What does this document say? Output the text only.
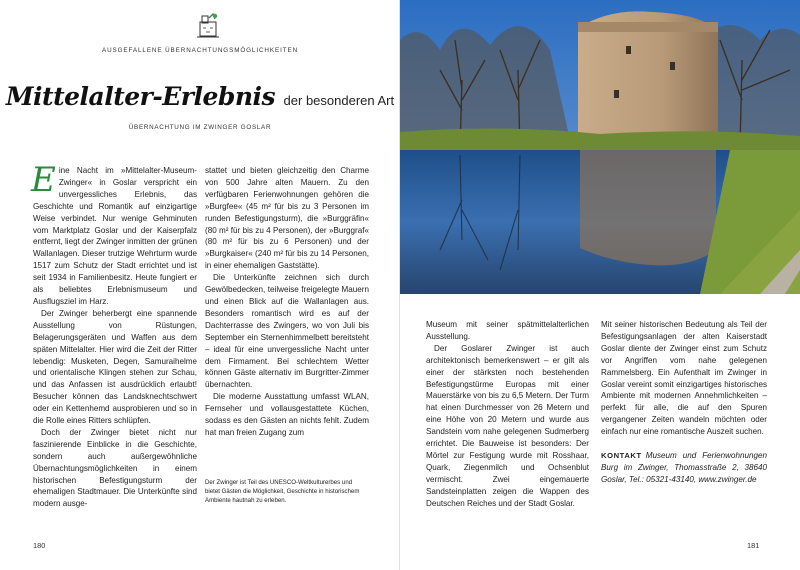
AUSGEFALLENE ÜBERNACHTUNGSMÖGLICHKEITEN
Mittelalter-Erlebnis der besonderen Art
ÜBERNACHTUNG IM ZWINGER GOSLAR

Eine Nacht im »Mittelalter-Museum-Zwinger« in Goslar verspricht ein unvergessliches Erlebnis, das Geschichte und Romantik auf einzigartige Weise verbindet. Nur wenige Gehminuten vom Marktplatz Goslar und der Kaiserpfalz entfernt, liegt der Zwinger inmitten der grünen Wallanlagen. Dieser trutzige Wehrturm wurde 1517 zum Schutz der Stadt errichtet und ist seit 1934 in Familienbesitz. Heute fungiert er als beliebtes Erlebnismuseum und Ausflugsziel im Harz.

Der Zwinger beherbergt eine spannende Ausstellung von Rüstungen, Belagerungsgeräten und Waffen aus dem späten Mittelalter. Hier wird die Zeit der Ritter lebendig: Musketen, Degen, Samuraihelme und orientalische Klingen stehen zur Schau, und das Anfassen ist ausdrücklich erlaubt! Besucher können das Landsknechtschwert oder ein Kettenhemd ausprobieren und so in die Rolle eines Ritters schlüpfen.

Doch der Zwinger bietet nicht nur faszinierende Einblicke in die Geschichte, sondern auch außergewöhnliche Übernachtungsmöglichkeiten in einem historischen Befestigungsturm der ehemaligen Stadtmauer. Die Unterkünfte sind modern ausge-

stattet und bieten gleichzeitig den Charme von 500 Jahre alten Mauern. Zu den verfügbaren Ferienwohnungen gehören die »Burgfee« (45 m² für bis zu 3 Personen im runden Befestigungsturm), die »Burggräfin« (80 m² für bis zu 4 Personen), der »Burggraf« (80 m² für bis zu 6 Personen) und der »Burgkaiser« (240 m² für bis zu 14 Personen, in einer ehemaligen Gaststätte).

Die Unterkünfte zeichnen sich durch Gewölbedecken, teilweise freigelegte Mauern und einen Blick auf die Wallanlagen aus. Besonders romantisch wird es auf der Dachterrasse des Zwingers, wo von Juli bis September ein Sternenhimmelbett bereitsteht – ideal für eine unvergessliche Nacht unter dem Firmament. Bei schlechtem Wetter können Gäste alternativ im Burgritter-Zimmer übernachten.

Die moderne Ausstattung umfasst WLAN, Fernseher und vollausgestattete Küchen, sodass es den Gästen an nichts fehlt. Zudem hat man freien Zugang zum

Der Zwinger ist Teil des UNESCO-Weltkulturerbes und bietet Gästen die Möglichkeit, Geschichte in historischem Ambiente hautnah zu erleben.
180

Museum mit seiner spätmittelalterlichen Ausstellung.

Der Goslarer Zwinger ist auch architektonisch bemerkenswert – er gilt als einer der stärksten noch bestehenden Befestigungstürme Europas mit einer Mauerstärke von bis zu 6,5 Metern. Der Turm hat einen Durchmesser von 26 Metern und eine Höhe von 20 Metern und wurde aus Sandstein vom nahe gelegenen Sudmerberg errichtet. Die Bauweise ist besonders: Der Mörtel zur Festigung wurde mit Rosshaar, Quark, Ziegenmilch und Ochsenblut vermischt. Zwei eingemauerte Sandsteinplatten zeigen die Wappen des Deutschen Reiches und der Stadt Goslar.

Mit seiner historischen Bedeutung als Teil der Befestigungsanlagen der alten Kaiserstadt Goslar diente der Zwinger einst zum Schutz vor Angriffen vom nahe gelegenen Rammelsberg. Ein Aufenthalt im Zwinger in Goslar vereint somit einzigartiges historisches Ambiente mit modernen Annehmlichkeiten – perfekt für alle, die auf den Spuren vergangener Zeiten wandeln möchten oder einfach nur eine romantische Auszeit suchen.

KONTAKT Museum und Ferienwohnungen Burg im Zwinger, Thomasstraße 2, 38640 Goslar, Tel.: 05321-43140, www.zwinger.de

181
